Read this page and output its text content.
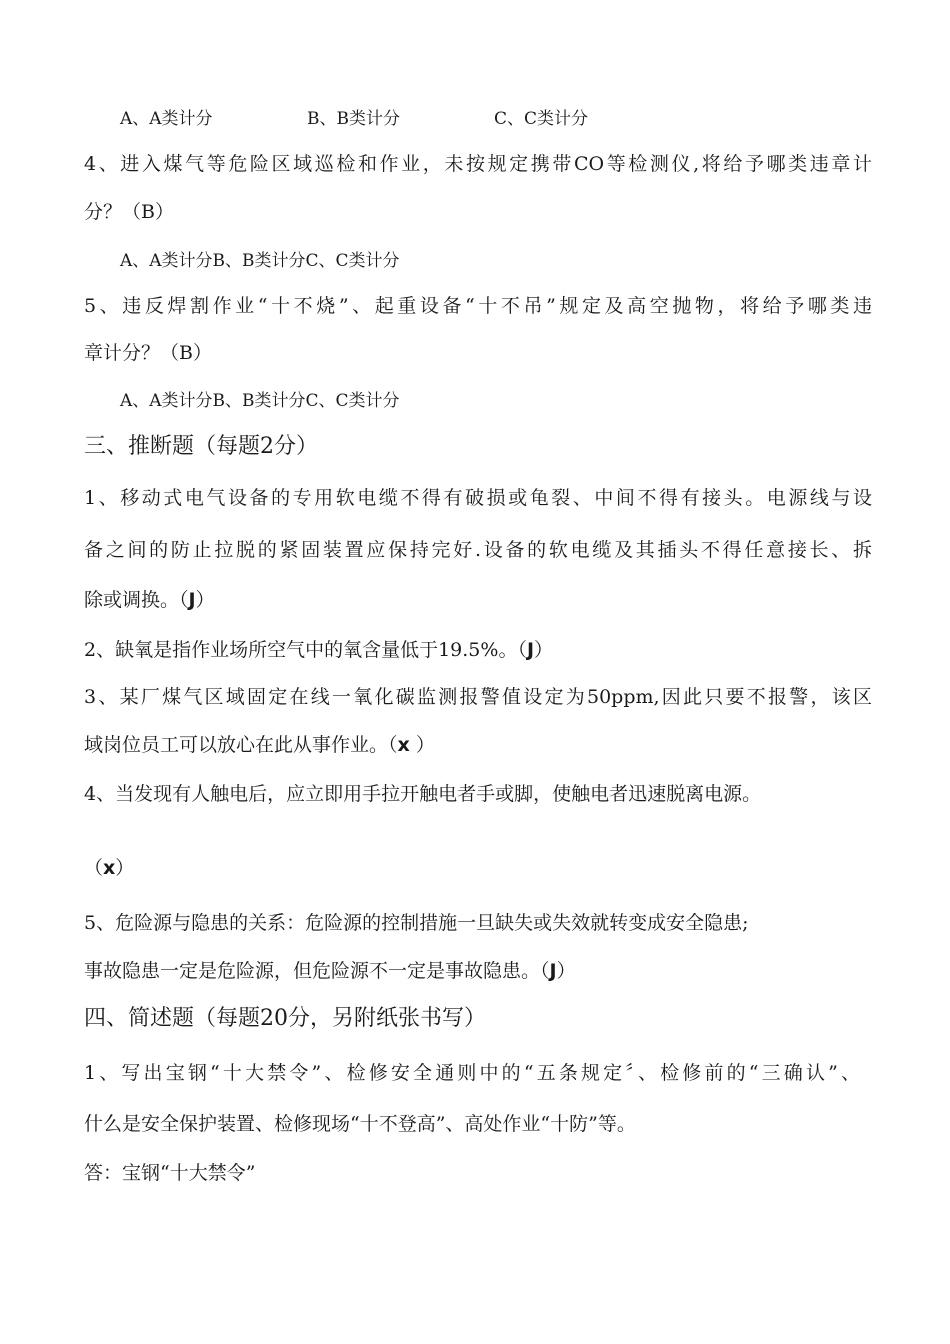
A、A类计分	B、B类计分	C、C类计分
4、进入煤气等危险区域巡检和作业，未按规定携带CO等检测仪,将给予哪类违章计
分？（B）
A、A类计分B、B类计分C、C类计分
5、违反焊割作业“十不烧”、起重设备“十不吊”规定及高空抛物，将给予哪类违
章计分？（B）
A、A类计分B、B类计分C、C类计分
三、推断题（每题2分）
1、移动式电气设备的专用软电缆不得有破损或龟裂、中间不得有接头。电源线与设
备之间的防止拉脱的紧固装置应保持完好.设备的软电缆及其插头不得任意接长、拆
除或调换。（J）
2、缺氧是指作业场所空气中的氧含量低于19.5%。（J）
3、某厂煤气区域固定在线一氧化碳监测报警值设定为50ppm,因此只要不报警，该区
域岗位员工可以放心在此从事作业。（x ）
4、当发现有人触电后，应立即用手拉开触电者手或脚，使触电者迅速脱离电源。
（x）
5、危险源与隐患的关系：危险源的控制措施一旦缺失或失效就转变成安全隐患;
事故隐患一定是危险源，但危险源不一定是事故隐患。（J）
四、简述题（每题20分，另附纸张书写）
1、写出宝钢“十大禁令”、检修安全通则中的“五条规定〞、检修前的“三确认”、
什么是安全保护装置、检修现场“十不登高”、高处作业“十防”等。
答：宝钢“十大禁令”
